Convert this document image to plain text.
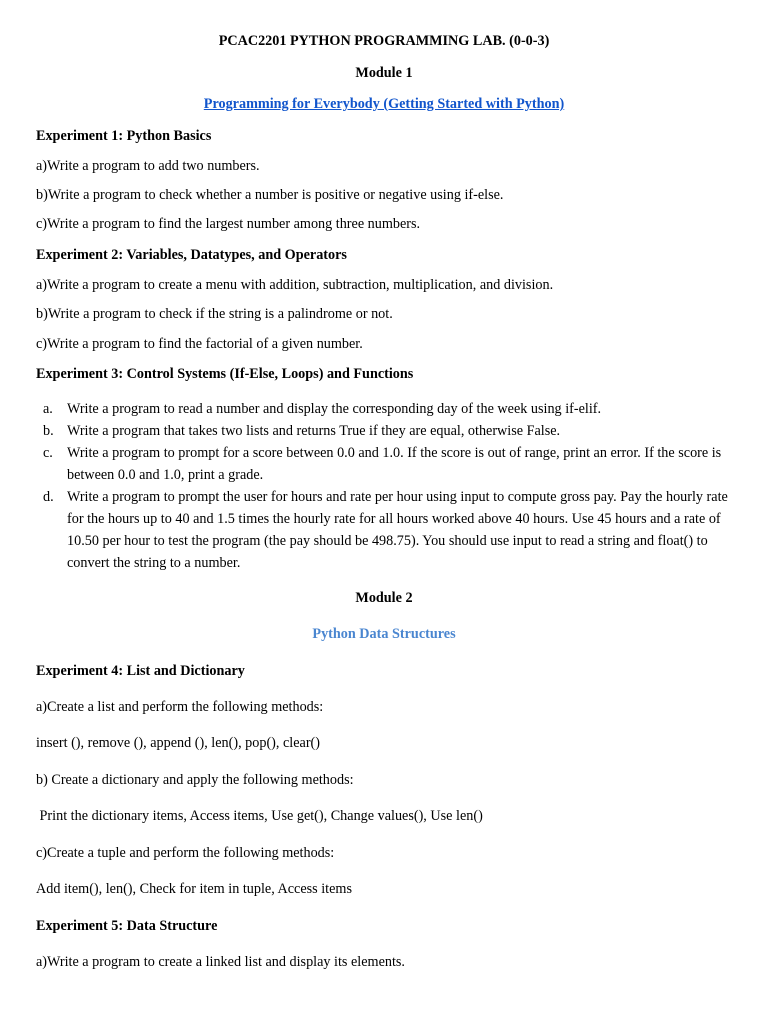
PCAC2201 PYTHON PROGRAMMING LAB. (0-0-3)

Module 1

Programming for Everybody (Getting Started with Python)

Experiment 1: Python Basics

a)Write a program to add two numbers.

b)Write a program to check whether a number is positive or negative using if-else.

c)Write a program to find the largest number among three numbers.

Experiment 2: Variables, Datatypes, and Operators

a)Write a program to create a menu with addition, subtraction, multiplication, and division.

b)Write a program to check if the string is a palindrome or not.

c)Write a program to find the factorial of a given number.

Experiment 3: Control Systems (If-Else, Loops) and Functions

a. Write a program to read a number and display the corresponding day of the week using if-elif.
b. Write a program that takes two lists and returns True if they are equal, otherwise False.
c. Write a program to prompt for a score between 0.0 and 1.0. If the score is out of range, print an error. If the score is between 0.0 and 1.0, print a grade.
d. Write a program to prompt the user for hours and rate per hour using input to compute gross pay. Pay the hourly rate for the hours up to 40 and 1.5 times the hourly rate for all hours worked above 40 hours. Use 45 hours and a rate of 10.50 per hour to test the program (the pay should be 498.75). You should use input to read a string and float() to convert the string to a number.

Module 2

Python Data Structures

Experiment 4: List and Dictionary

a)Create a list and perform the following methods:

insert (), remove (), append (), len(), pop(), clear()

b) Create a dictionary and apply the following methods:

Print the dictionary items, Access items, Use get(), Change values(), Use len()

c)Create a tuple and perform the following methods:

Add item(), len(), Check for item in tuple, Access items

Experiment 5: Data Structure

a)Write a program to create a linked list and display its elements.
